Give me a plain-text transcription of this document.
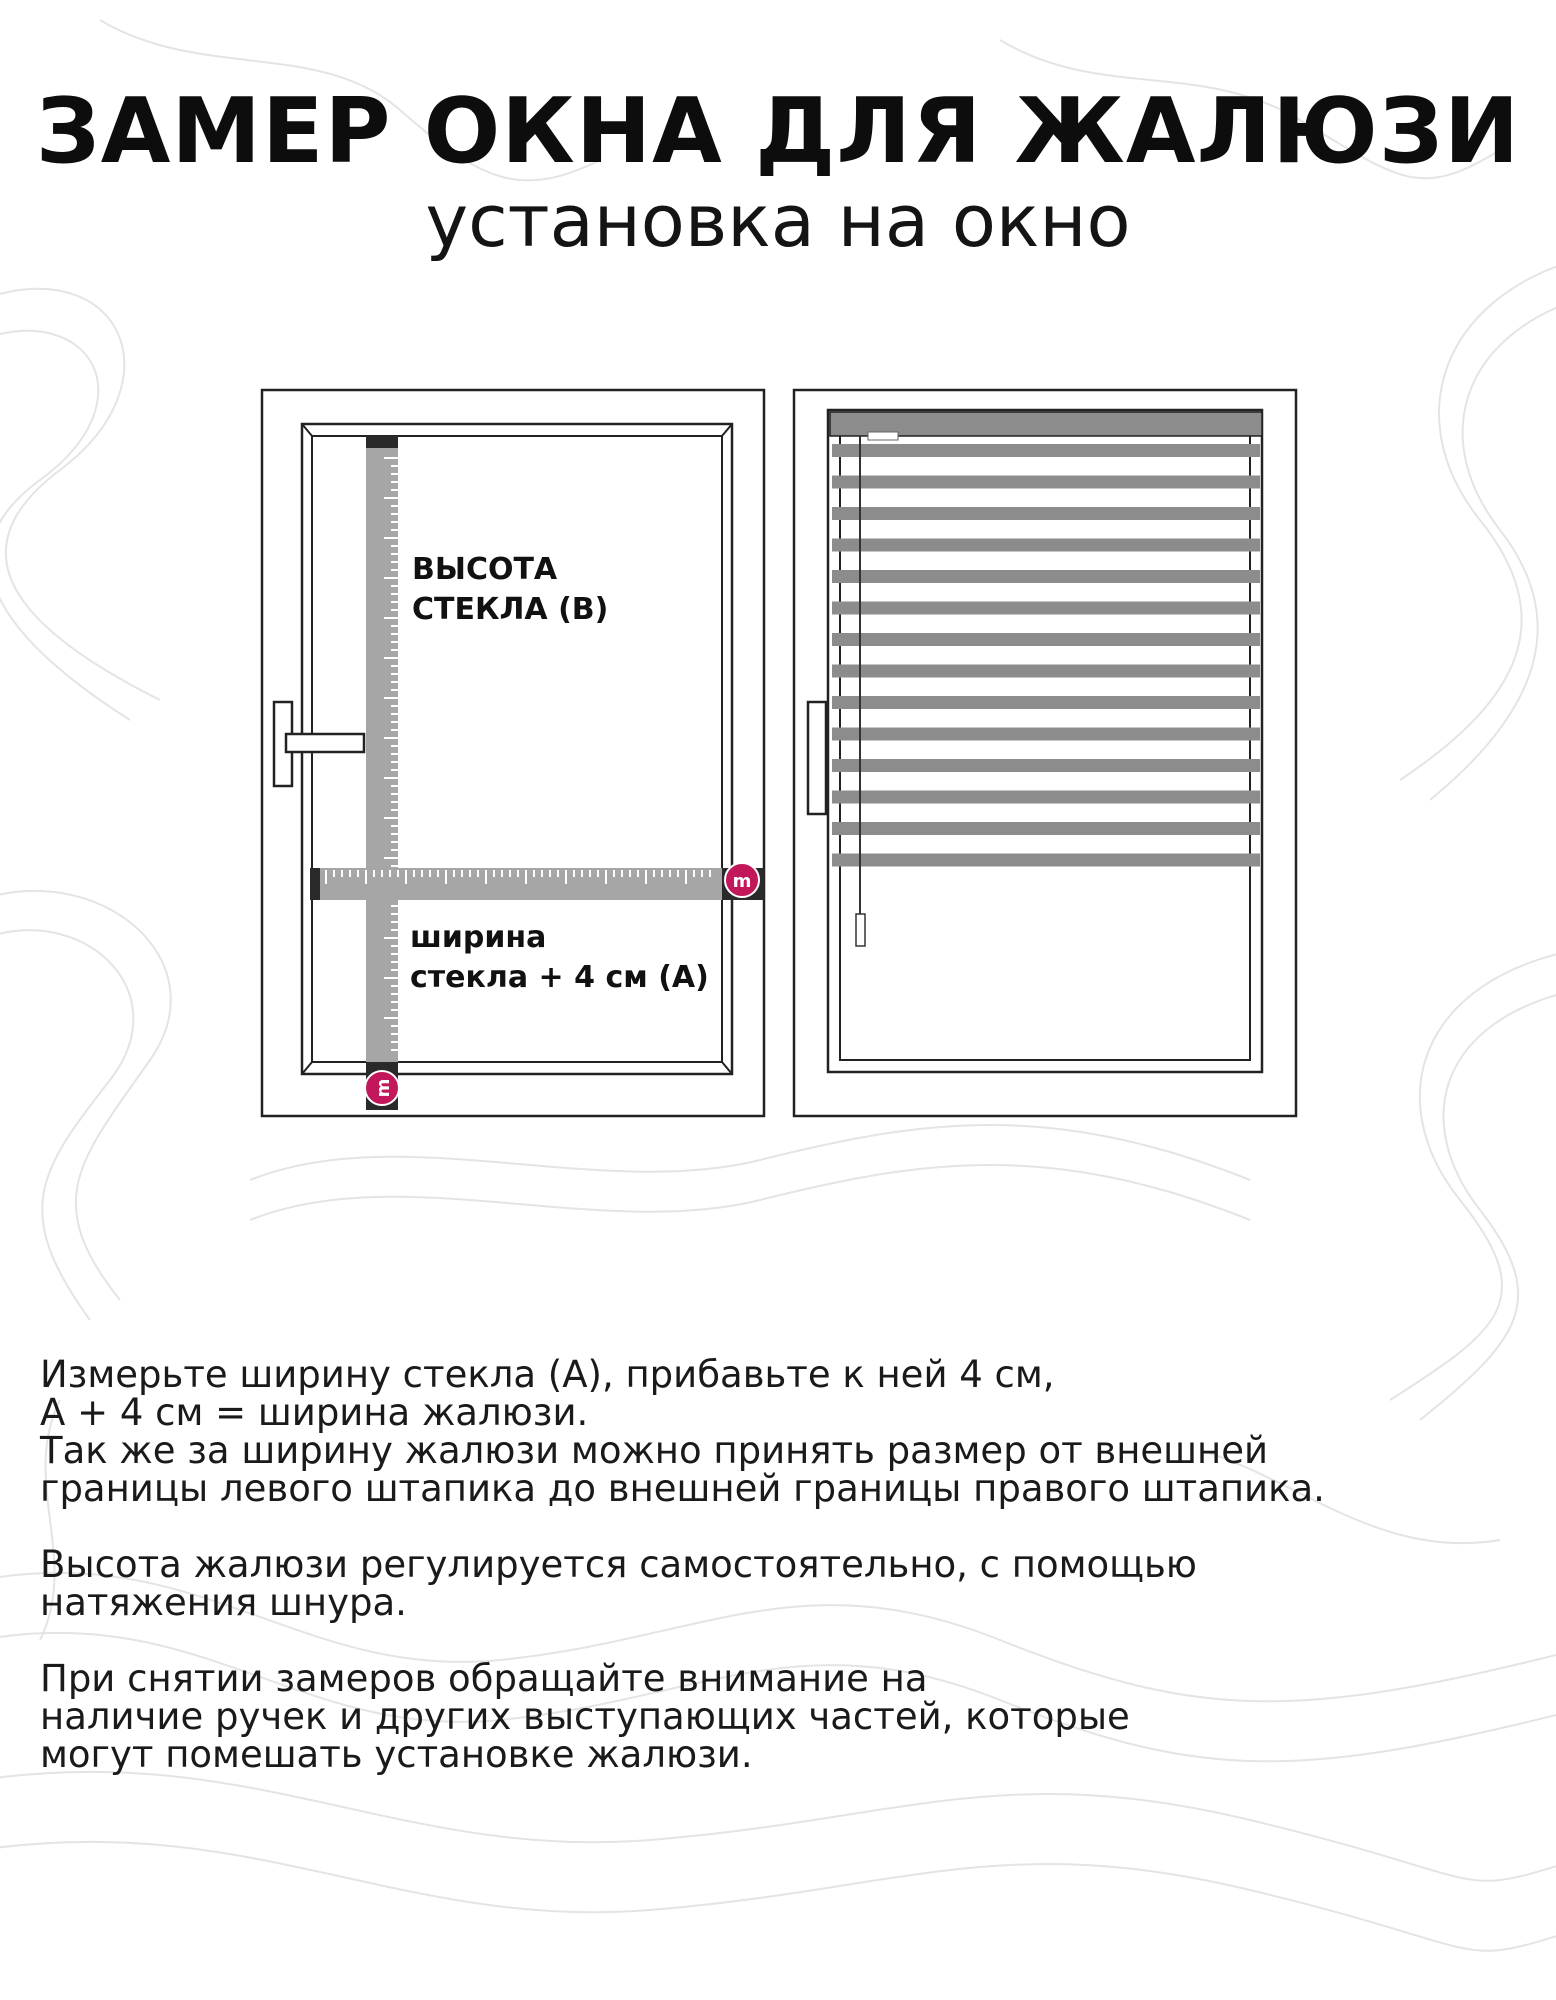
ЗАМЕР ОКНА ДЛЯ ЖАЛЮЗИ
установка на окно
m
m
ВЫСОТА
СТЕКЛА (В)
ширина
стекла + 4 см (А)

Измерьте ширину стекла (А), прибавьте к ней 4 см,
А + 4 см = ширина жалюзи.
Так же за ширину жалюзи можно принять размер от внешней
границы левого штапика до внешней границы правого штапика.

Высота жалюзи регулируется самостоятельно, с помощью
натяжения шнура.

При снятии замеров обращайте внимание на
наличие ручек и других выступающих частей, которые
могут помешать установке жалюзи.
